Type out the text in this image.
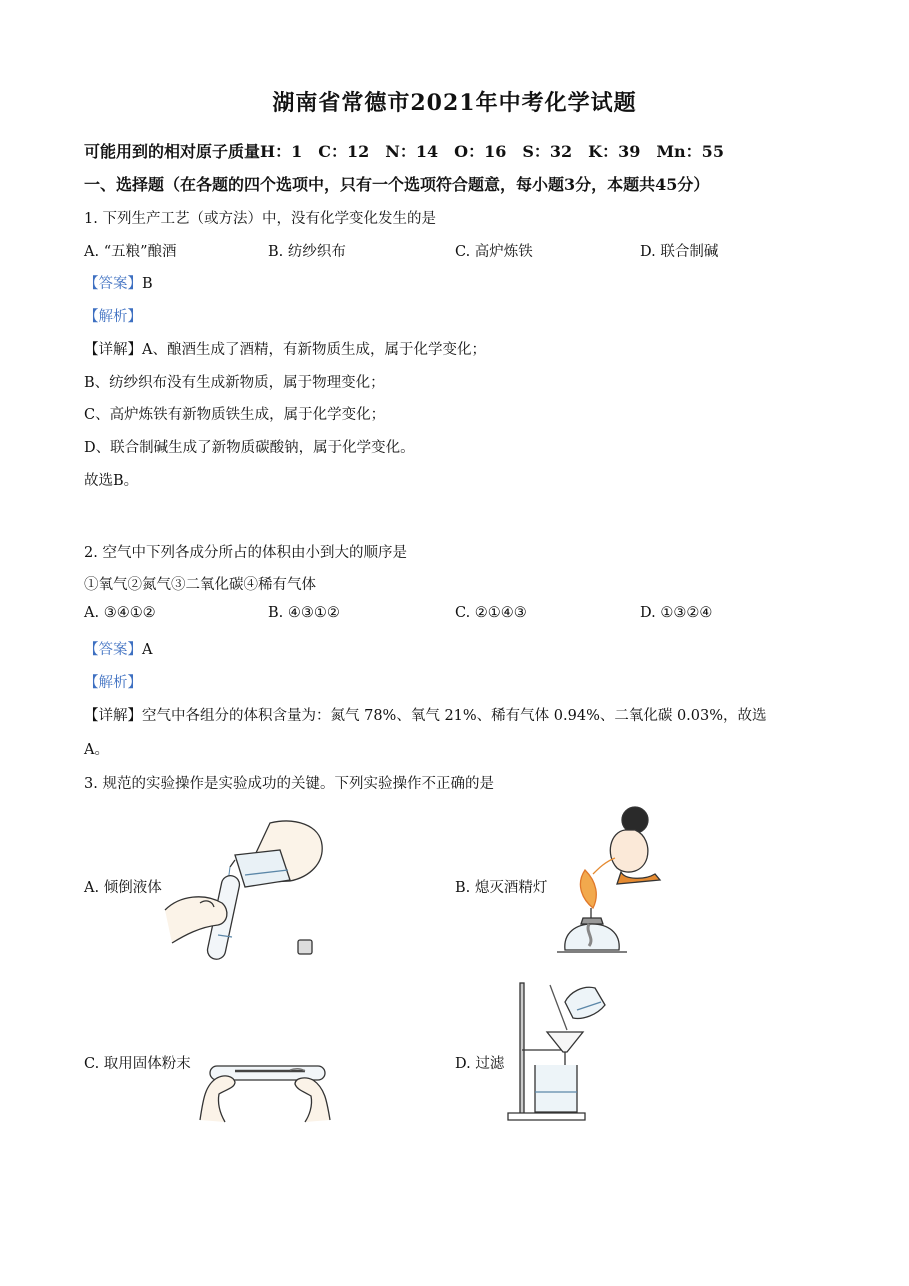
湖南省常德市2021年中考化学试题
可能用到的相对原子质量H：1　C：12　N：14　O：16　S：32　K：39　Mn：55
一、选择题（在各题的四个选项中，只有一个选项符合题意，每小题3分，本题共45分）
1. 下列生产工艺（或方法）中，没有化学变化发生的是
A. “五粮”酿酒	B. 纺纱织布	C. 高炉炼铁	D. 联合制碱
【答案】B
【解析】
【详解】A、酿酒生成了酒精，有新物质生成，属于化学变化；
B、纺纱织布没有生成新物质，属于物理变化；
C、高炉炼铁有新物质铁生成，属于化学变化；
D、联合制碱生成了新物质碳酸钠，属于化学变化。
故选B。
2. 空气中下列各成分所占的体积由小到大的顺序是
①氧气②氮气③二氧化碳④稀有气体
A. ③④①②	B. ④③①②	C. ②①④③	D. ①③②④
【答案】A
【解析】
【详解】空气中各组分的体积含量为：氮气 78%、氧气 21%、稀有气体 0.94%、二氧化碳 0.03%，故选
A。
3. 规范的实验操作是实验成功的关键。下列实验操作不正确的是
A. 倾倒液体	B. 熄灭酒精灯
C. 取用固体粉末	D. 过滤
